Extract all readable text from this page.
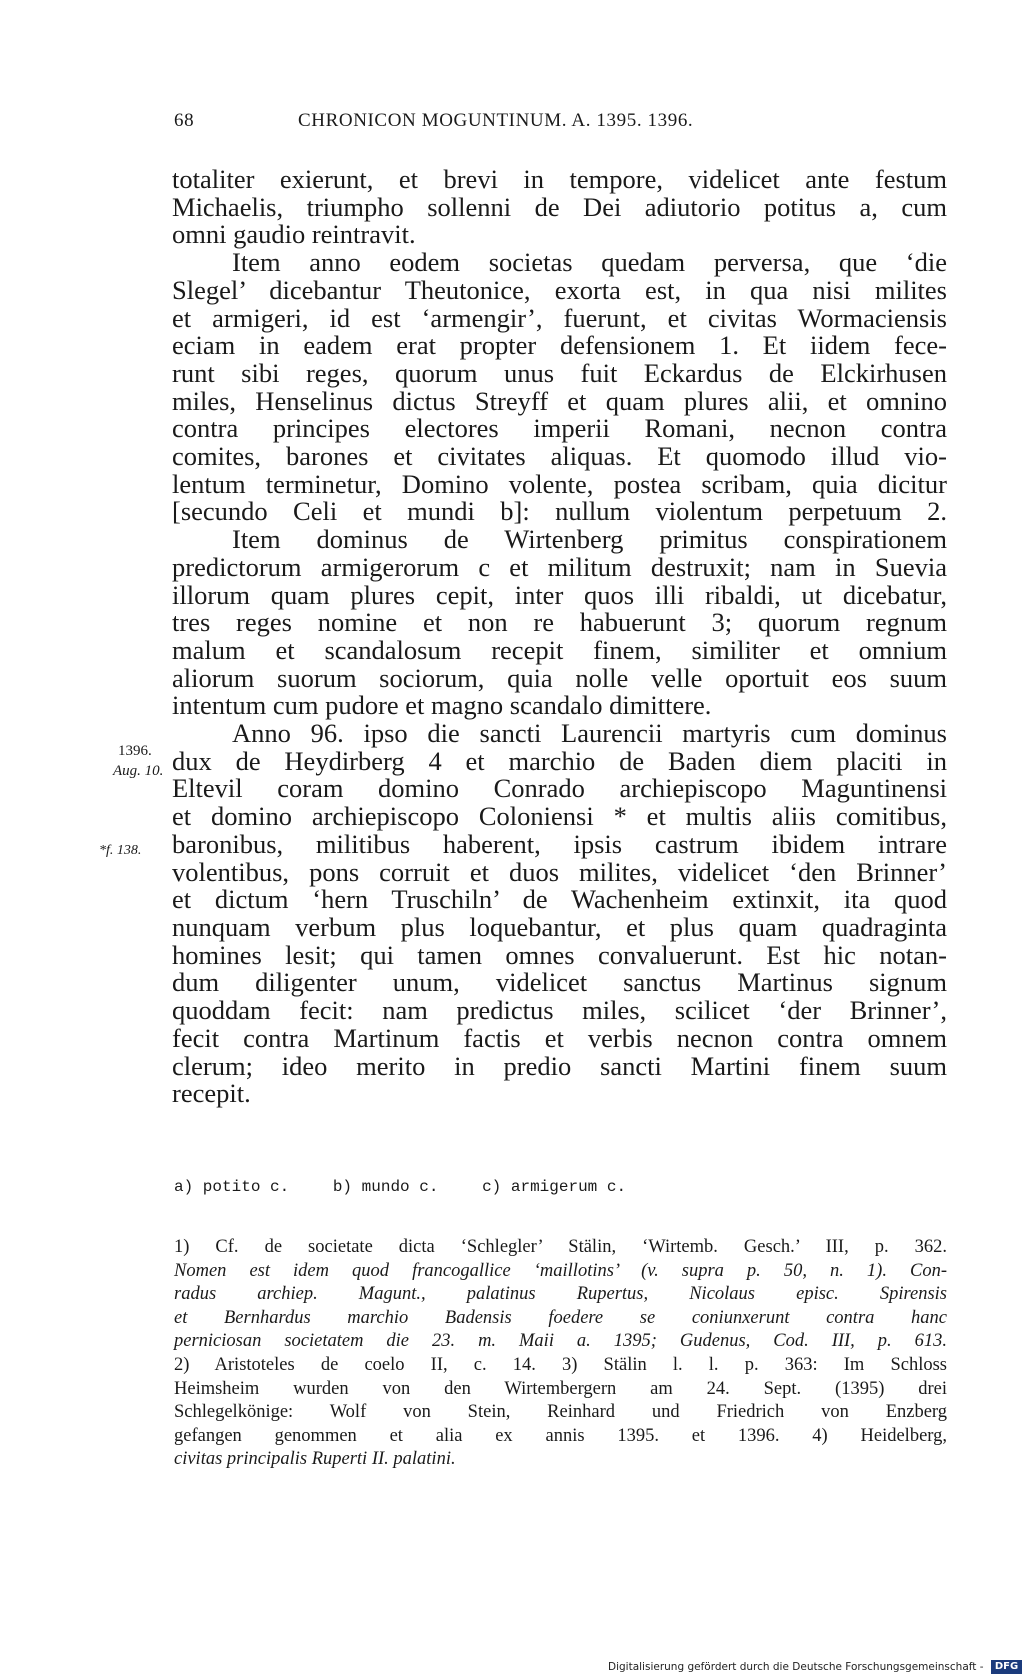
68	CHRONICON MOGUNTINUM. A. 1395. 1396.
1396.
Aug. 10.
*f. 138.
totaliter exierunt, et brevi in tempore, videlicet ante festum
Michaelis, triumpho sollenni de Dei adiutorio potitus a, cum
omni gaudio reintravit.
Item anno eodem societas quedam perversa, que ‘die
Slegel’ dicebantur Theutonice, exorta est, in qua nisi milites
et armigeri, id est ‘armengir’, fuerunt, et civitas Wormaciensis
eciam in eadem erat propter defensionem 1. Et iidem fece-
runt sibi reges, quorum unus fuit Eckardus de Elckirhusen
miles, Henselinus dictus Streyff et quam plures alii, et omnino
contra principes electores imperii Romani, necnon contra
comites, barones et civitates aliquas. Et quomodo illud vio-
lentum terminetur, Domino volente, postea scribam, quia dicitur
[secundo Celi et mundi b]: nullum violentum perpetuum 2.
Item dominus de Wirtenberg primitus conspirationem
predictorum armigerorum c et militum destruxit; nam in Suevia
illorum quam plures cepit, inter quos illi ribaldi, ut dicebatur,
tres reges nomine et non re habuerunt 3; quorum regnum
malum et scandalosum recepit finem, similiter et omnium
aliorum suorum sociorum, quia nolle velle oportuit eos suum
intentum cum pudore et magno scandalo dimittere.
Anno 96. ipso die sancti Laurencii martyris cum dominus
dux de Heydirberg 4 et marchio de Baden diem placiti in
Eltevil coram domino Conrado archiepiscopo Maguntinensi
et domino archiepiscopo Coloniensi * et multis aliis comitibus,
baronibus, militibus haberent, ipsis castrum ibidem intrare
volentibus, pons corruit et duos milites, videlicet ‘den Brinner’
et dictum ‘hern Truschiln’ de Wachenheim extinxit, ita quod
nunquam verbum plus loquebantur, et plus quam quadraginta
homines lesit; qui tamen omnes convaluerunt. Est hic notan-
dum diligenter unum, videlicet sanctus Martinus signum
quoddam fecit: nam predictus miles, scilicet ‘der Brinner’,
fecit contra Martinum factis et verbis necnon contra omnem
clerum; ideo merito in predio sancti Martini finem suum
recepit.
a) potito c.	b) mundo c.	c) armigerum c.
1) Cf. de societate dicta ‘Schlegler’ Stälin, ‘Wirtemb. Gesch.’ III, p. 362.
Nomen est idem quod francogallice ‘maillotins’ (v. supra p. 50, n. 1). Con-
radus archiep. Magunt., palatinus Rupertus, Nicolaus episc. Spirensis
et Bernhardus marchio Badensis foedere se coniunxerunt contra hanc
perniciosan societatem die 23. m. Maii a. 1395; Gudenus, Cod. III, p. 613.
2) Aristoteles de coelo II, c. 14. 3) Stälin l. l. p. 363: Im Schloss
Heimsheim wurden von den Wirtembergern am 24. Sept. (1395) drei
Schlegelkönige: Wolf von Stein, Reinhard und Friedrich von Enzberg
gefangen genommen et alia ex annis 1395. et 1396. 4) Heidelberg,
civitas principalis Ruperti II. palatini.
Digitalisierung gefördert durch die Deutsche Forschungsgemeinschaft - DFG
